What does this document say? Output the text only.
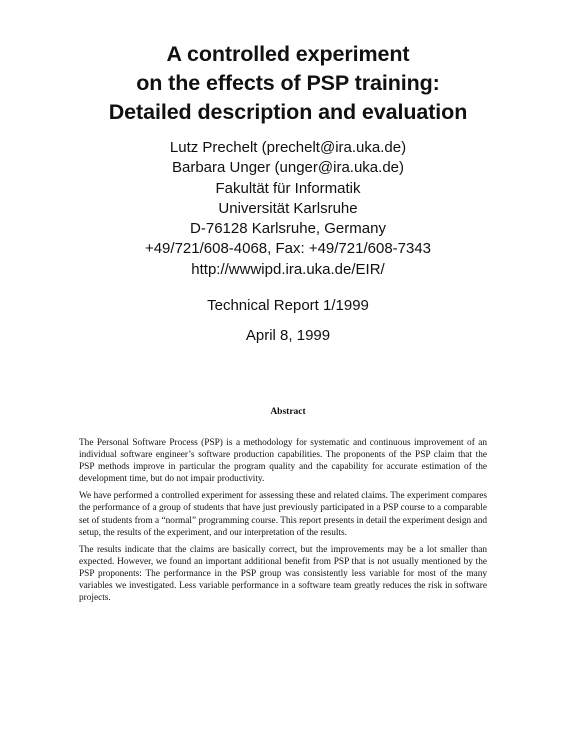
A controlled experiment
on the effects of PSP training:
Detailed description and evaluation
Lutz Prechelt (prechelt@ira.uka.de)
Barbara Unger (unger@ira.uka.de)
Fakultät für Informatik
Universität Karlsruhe
D-76128 Karlsruhe, Germany
+49/721/608-4068, Fax: +49/721/608-7343
http://wwwipd.ira.uka.de/EIR/
Technical Report 1/1999
April 8, 1999
Abstract

The Personal Software Process (PSP) is a methodology for systematic and continuous improvement of an individual software engineer’s software production capabilities. The proponents of the PSP claim that the PSP methods improve in particular the program quality and the capability for accurate estimation of the development time, but do not impair productivity.

We have performed a controlled experiment for assessing these and related claims. The experiment compares the performance of a group of students that have just previously participated in a PSP course to a comparable set of students from a “normal” programming course. This report presents in detail the experiment design and setup, the results of the experiment, and our interpretation of the results.

The results indicate that the claims are basically correct, but the improvements may be a lot smaller than expected. However, we found an important additional benefit from PSP that is not usually mentioned by the PSP proponents: The performance in the PSP group was consistently less variable for most of the many variables we investigated. Less variable performance in a software team greatly reduces the risk in software projects.
